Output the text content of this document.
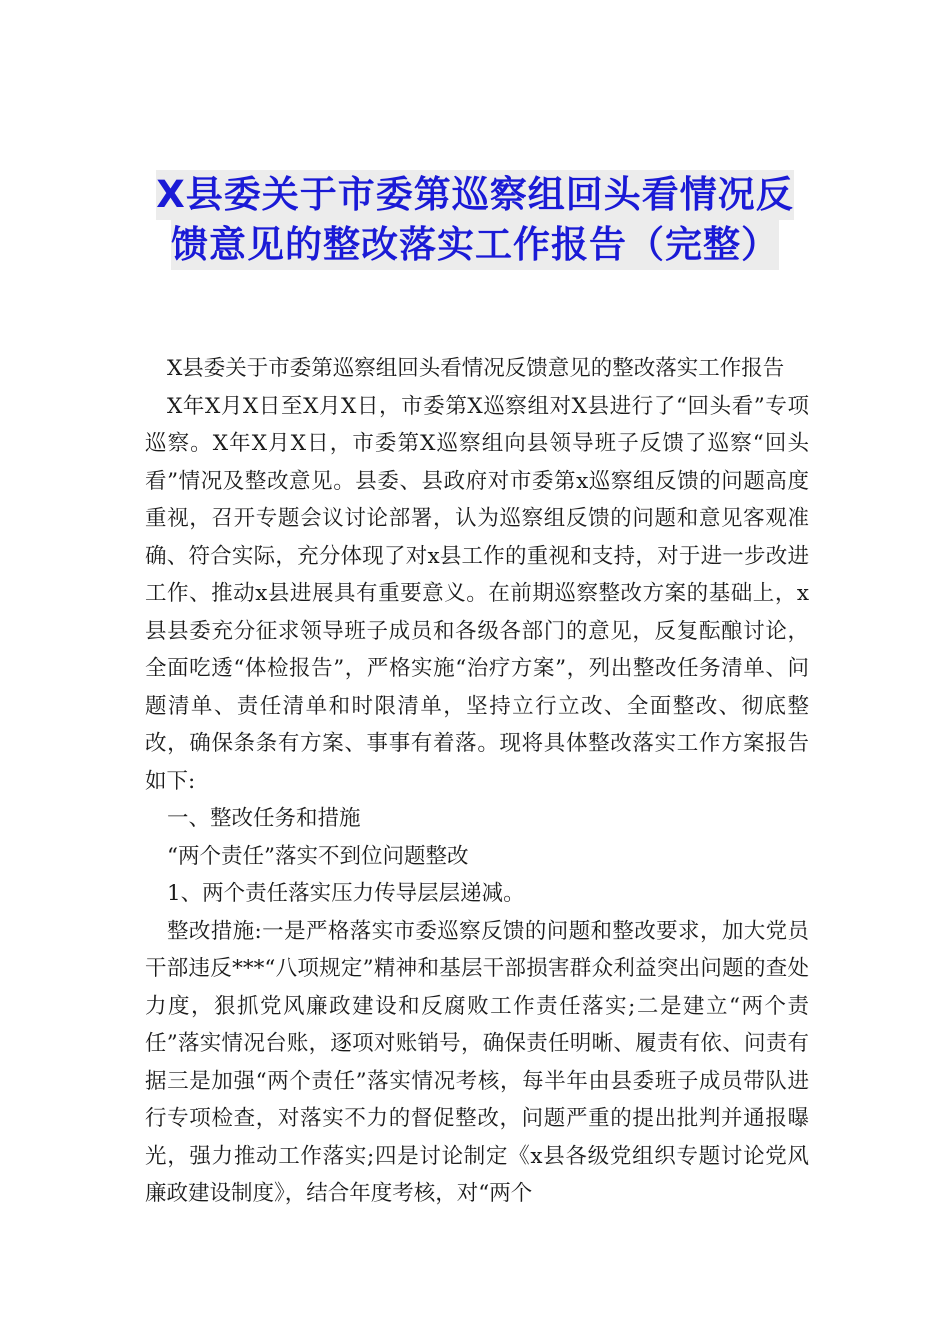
X县委关于市委第巡察组回头看情况反
馈意见的整改落实工作报告（完整）

X县委关于市委第巡察组回头看情况反馈意见的整改落实工作报告

X年X月X日至X月X日，市委第X巡察组对X县进行了“回头看”专项巡察。X年X月X日，市委第X巡察组向县领导班子反馈了巡察“回头看”情况及整改意见。县委、县政府对市委第x巡察组反馈的问题高度重视，召开专题会议讨论部署，认为巡察组反馈的问题和意见客观准确、符合实际，充分体现了对x县工作的重视和支持，对于进一步改进工作、推动x县进展具有重要意义。在前期巡察整改方案的基础上，x县县委充分征求领导班子成员和各级各部门的意见，反复酝酿讨论，全面吃透“体检报告”，严格实施“治疗方案”，列出整改任务清单、问题清单、责任清单和时限清单，坚持立行立改、全面整改、彻底整改，确保条条有方案、事事有着落。现将具体整改落实工作方案报告如下:

一、整改任务和措施

“两个责任”落实不到位问题整改

1、两个责任落实压力传导层层递减。

整改措施:一是严格落实市委巡察反馈的问题和整改要求，加大党员干部违反***“八项规定”精神和基层干部损害群众利益突出问题的查处力度，狠抓党风廉政建设和反腐败工作责任落实;二是建立“两个责任”落实情况台账，逐项对账销号，确保责任明晰、履责有依、问责有据三是加强“两个责任”落实情况考核，每半年由县委班子成员带队进行专项检查，对落实不力的督促整改，问题严重的提出批判并通报曝光，强力推动工作落实;四是讨论制定《x县各级党组织专题讨论党风廉政建设制度》，结合年度考核，对“两个
